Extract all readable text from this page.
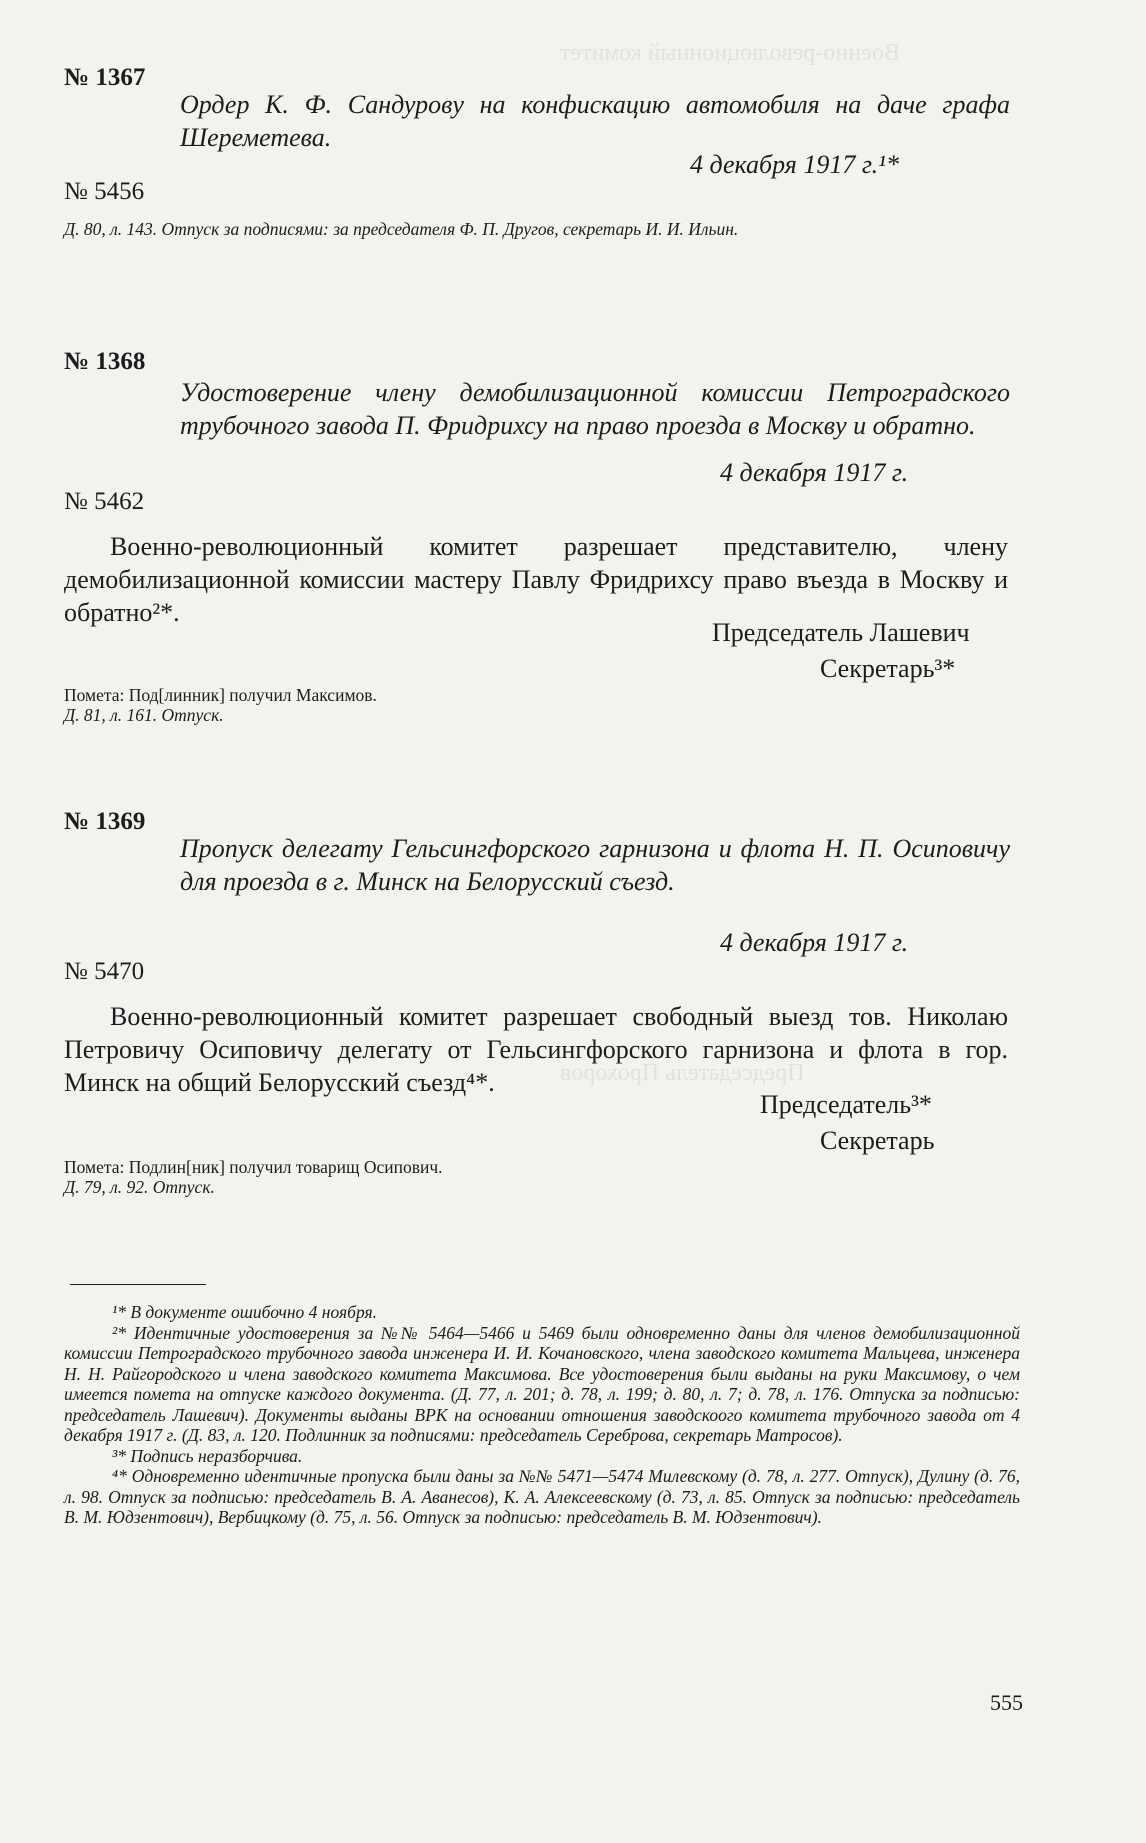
Военно-революционный комитет
Председатель Прохоров
№ 1367
Ордер К. Ф. Сандурову на конфискацию автомобиля на даче графа Шереметева.
4 декабря 1917 г.¹*
№ 5456
Д. 80, л. 143. Отпуск за подписями: за председателя Ф. П. Другов, секретарь И. И. Ильин.
№ 1368
Удостоверение члену демобилизационной комиссии Петроградского трубочного завода П. Фридрихсу на право проезда в Москву и обратно.
4 декабря 1917 г.
№ 5462
Военно-революционный комитет разрешает представителю, члену демобилизационной комиссии мастеру Павлу Фридрихсу право въезда в Москву и обратно²*.
Председатель Лашевич
Секретарь³*
Помета: Под[линник] получил Максимов.
Д. 81, л. 161. Отпуск.
№ 1369
Пропуск делегату Гельсингфорского гарнизона и флота Н. П. Осиповичу для проезда в г. Минск на Белорусский съезд.
4 декабря 1917 г.
№ 5470
Военно-революционный комитет разрешает свободный выезд тов. Николаю Петровичу Осиповичу делегату от Гельсингфорского гарнизона и флота в гор. Минск на общий Белорусский съезд⁴*.
Председатель³*
Секретарь
Помета: Подлин[ник] получил товарищ Осипович.
Д. 79, л. 92. Отпуск.
¹* В документе ошибочно 4 ноября.
²* Идентичные удостоверения за №№ 5464—5466 и 5469 были одновременно даны для членов демобилизационной комиссии Петроградского трубочного завода инженера И. И. Кочановского, члена заводского комитета Мальцева, инженера Н. Н. Райгородского и члена заводского комитета Максимова. Все удостоверения были выданы на руки Максимову, о чем имеется помета на отпуске каждого документа. (Д. 77, л. 201; д. 78, л. 199; д. 80, л. 7; д. 78, л. 176. Отпуска за подписью: председатель Лашевич). Документы выданы ВРК на основании отношения заводскоого комитета трубочного завода от 4 декабря 1917 г. (Д. 83, л. 120. Подлинник за подписями: председатель Сереброва, секретарь Матросов).
³* Подпись неразборчива.
⁴* Одновременно идентичные пропуска были даны за №№ 5471—5474 Милевскому (д. 78, л. 277. Отпуск), Дулину (д. 76, л. 98. Отпуск за подписью: председатель В. А. Аванесов), К. А. Алексеевскому (д. 73, л. 85. Отпуск за подписью: председатель В. М. Юдзентович), Вербицкому (д. 75, л. 56. Отпуск за подписью: председатель В. М. Юдзентович).
555
